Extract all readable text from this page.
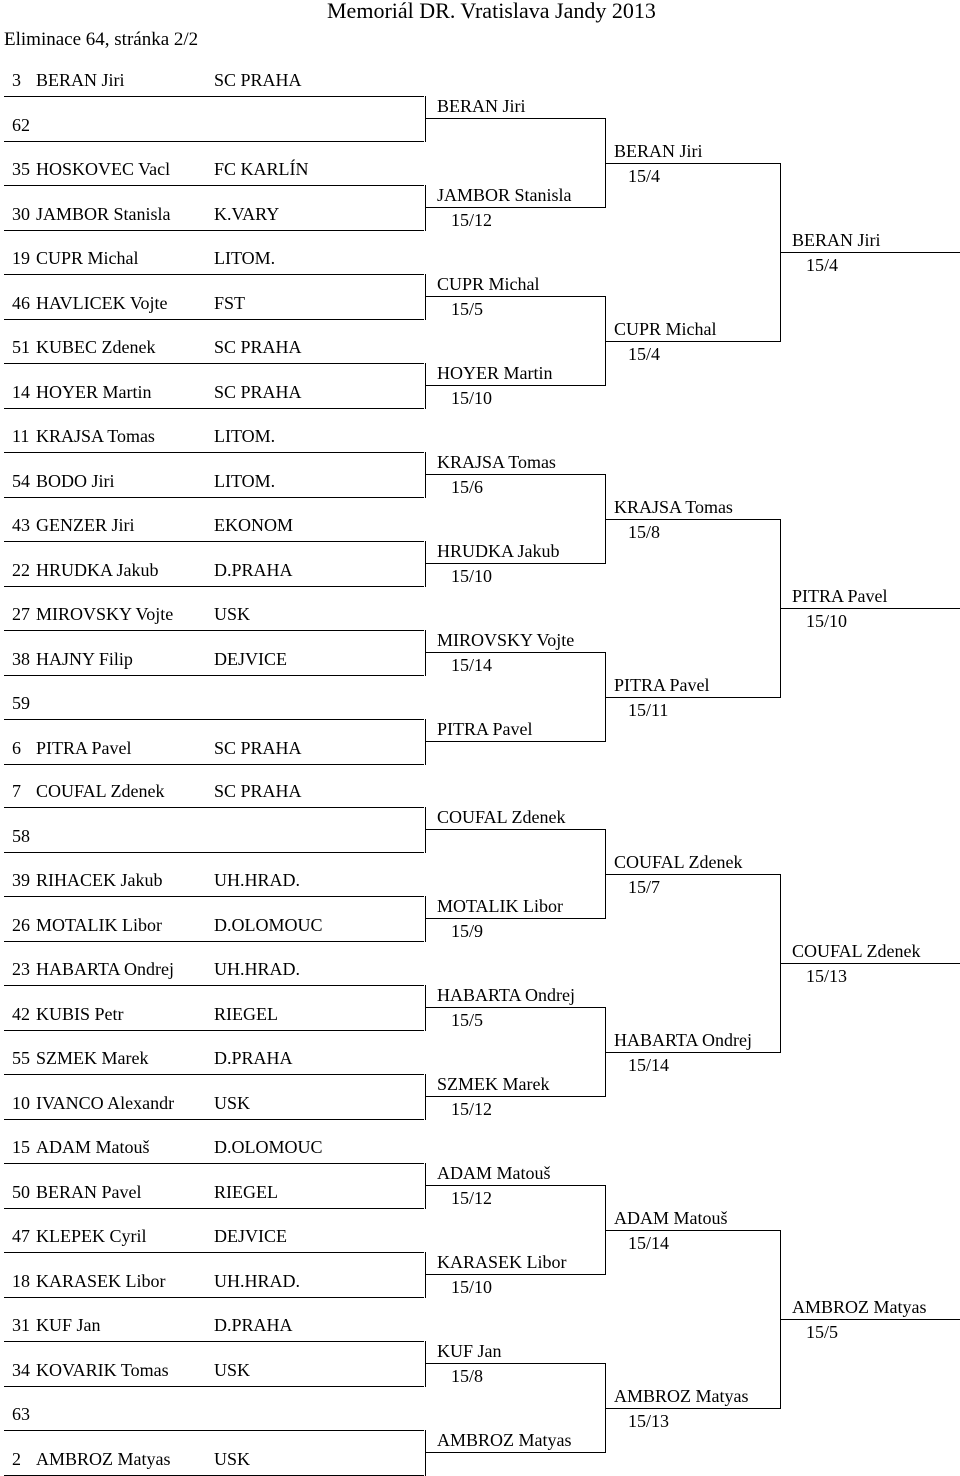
Memoriál DR. Vratislava Jandy 2013
Eliminace 64, stránka 2/2
3 BERAN Jiri	SC PRAHA
62
35 HOSKOVEC Vacl FC KARLÍN
30 JAMBOR Stanisla K.VARY
19 CUPR Michal	LITOM.
46 HAVLICEK Vojte	FST
51 KUBEC Zdenek	SC PRAHA
14 HOYER Martin	SC PRAHA
BERAN Jiri
JAMBOR Stanisla
15/12
CUPR Michal
15/5
HOYER Martin
15/10
BERAN Jiri
15/4
CUPR Michal
15/4
BERAN Jiri
15/4
11 KRAJSA Tomas	LITOM.
54 BODO Jiri	LITOM.
43 GENZER Jiri	EKONOM
22 HRUDKA Jakub	D.PRAHA
27 MIROVSKY Vojte USK
38 HAJNY Filip	DEJVICE
59
6 PITRA Pavel	SC PRAHA
KRAJSA Tomas
15/6
HRUDKA Jakub
15/10
MIROVSKY Vojte
15/14
PITRA Pavel
KRAJSA Tomas
15/8
PITRA Pavel
15/11
PITRA Pavel
15/10
7 COUFAL Zdenek	SC PRAHA
58
39 RIHACEK Jakub	UH.HRAD.
26 MOTALIK Libor	D.OLOMOUC
23 HABARTA Ondrej UH.HRAD.
42 KUBIS Petr	RIEGEL
55 SZMEK Marek	D.PRAHA
10 IVANCO Alexandr USK
COUFAL Zdenek
MOTALIK Libor
15/9
HABARTA Ondrej
15/5
SZMEK Marek
15/12
COUFAL Zdenek
15/7
HABARTA Ondrej
15/14
COUFAL Zdenek
15/13
15 ADAM Matouš	D.OLOMOUC
50 BERAN Pavel	RIEGEL
47 KLEPEK Cyril	DEJVICE
18 KARASEK Libor	UH.HRAD.
31 KUF Jan	D.PRAHA
34 KOVARIK Tomas	USK
63
2 AMBROZ Matyas USK
ADAM Matouš
15/12
KARASEK Libor
15/10
KUF Jan
15/8
AMBROZ Matyas
ADAM Matouš
15/14
AMBROZ Matyas
15/13
AMBROZ Matyas
15/5
